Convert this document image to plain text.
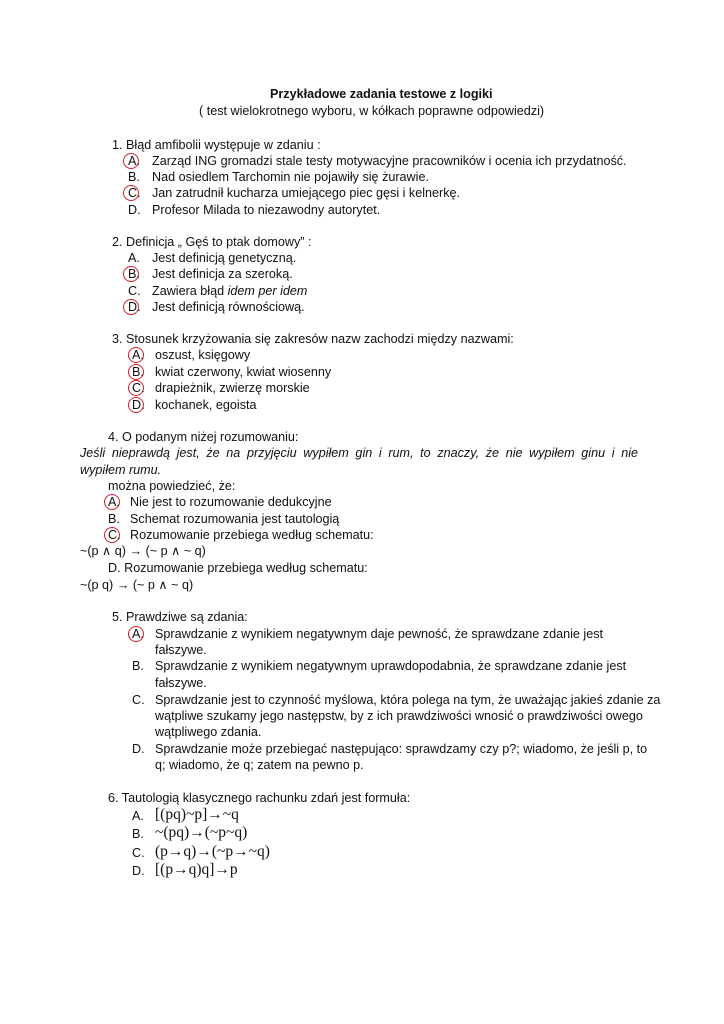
Przykładowe zadania testowe z logiki
( test wielokrotnego wyboru, w kółkach poprawne odpowiedzi)
1. Błąd amfibolii występuje w zdaniu :
A. Zarząd ING gromadzi stale testy motywacyjne pracowników i ocenia ich przydatność.
B. Nad osiedlem Tarchomin nie pojawiły się żurawie.
C. Jan zatrudnił kucharza umiejącego piec gęsi i kelnerkę.
D. Profesor Milada to niezawodny autorytet.
2. Definicja „ Gęś to ptak domowy” :
A. Jest definicją genetyczną.
B. Jest definicja za szeroką.
C. Zawiera błąd idem per idem
D. Jest definicją równościową.
3. Stosunek krzyżowania się zakresów nazw zachodzi między nazwami:
A. oszust, księgowy
B. kwiat czerwony, kwiat wiosenny
C. drapieżnik, zwierzę morskie
D. kochanek, egoista
4. O podanym niżej rozumowaniu:
Jeśli nieprawdą jest, że na przyjęciu wypiłem gin i rum, to znaczy, że nie wypiłem ginu i nie
wypiłem rumu.
można powiedzieć, że:
A. Nie jest to rozumowanie dedukcyjne
B. Schemat rozumowania jest tautologią
C. Rozumowanie przebiega według schematu:
~(p ∧ q) → (~ p ∧ ~ q)
D. Rozumowanie przebiega według schematu:
~(p q) → (~ p ∧ ~ q)
5. Prawdziwe są zdania:
A. Sprawdzanie z wynikiem negatywnym daje pewność, że sprawdzane zdanie jest
fałszywe.
B. Sprawdzanie z wynikiem negatywnym uprawdopodabnia, że sprawdzane zdanie jest
fałszywe.
C. Sprawdzanie jest to czynność myślowa, która polega na tym, że uważając jakieś zdanie za
wątpliwe szukamy jego następstw, by z ich prawdziwości wnosić o prawdziwości owego
wątpliwego zdania.
D. Sprawdzanie może przebiegać następująco: sprawdzamy czy p?; wiadomo, że jeśli p, to
q; wiadomo, że q; zatem na pewno p.
6. Tautologią klasycznego rachunku zdań jest formuła:
A. [(pq)~p]→~q
B. ~(pq)→(~p~q)
C. (p→q)→(~p→~q)
D. [(p→q)q]→p
